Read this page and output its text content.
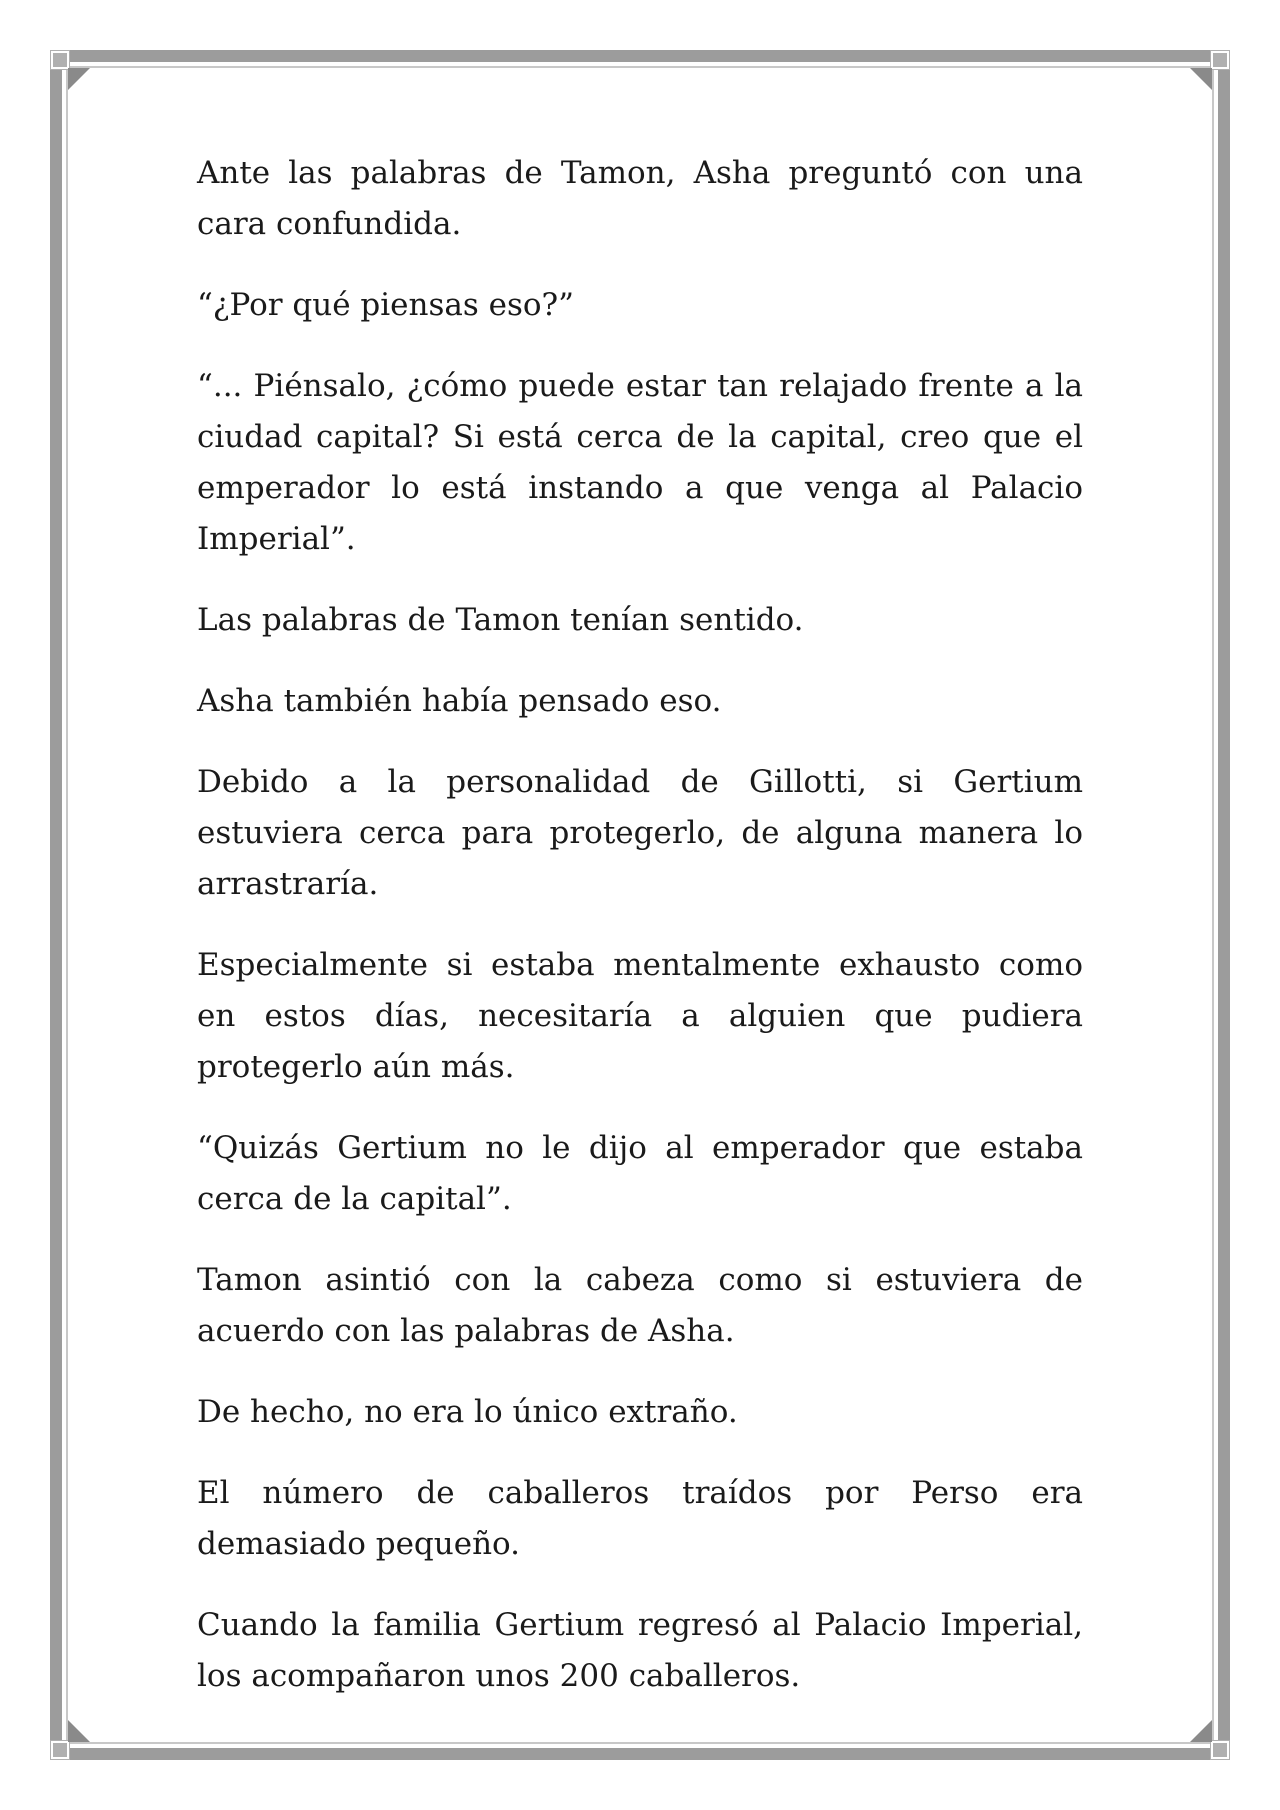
Ante las palabras de Tamon, Asha preguntó con una cara confundida.

“¿Por qué piensas eso?”

“... Piénsalo, ¿cómo puede estar tan relajado frente a la ciudad capital? Si está cerca de la capital, creo que el emperador lo está instando a que venga al Palacio Imperial”.

Las palabras de Tamon tenían sentido.

Asha también había pensado eso.

Debido a la personalidad de Gillotti, si Gertium estuviera cerca para protegerlo, de alguna manera lo arrastraría.

Especialmente si estaba mentalmente exhausto como en estos días, necesitaría a alguien que pudiera protegerlo aún más.

“Quizás Gertium no le dijo al emperador que estaba cerca de la capital”.

Tamon asintió con la cabeza como si estuviera de acuerdo con las palabras de Asha.

De hecho, no era lo único extraño.

El número de caballeros traídos por Perso era demasiado pequeño.

Cuando la familia Gertium regresó al Palacio Imperial, los acompañaron unos 200 caballeros.
